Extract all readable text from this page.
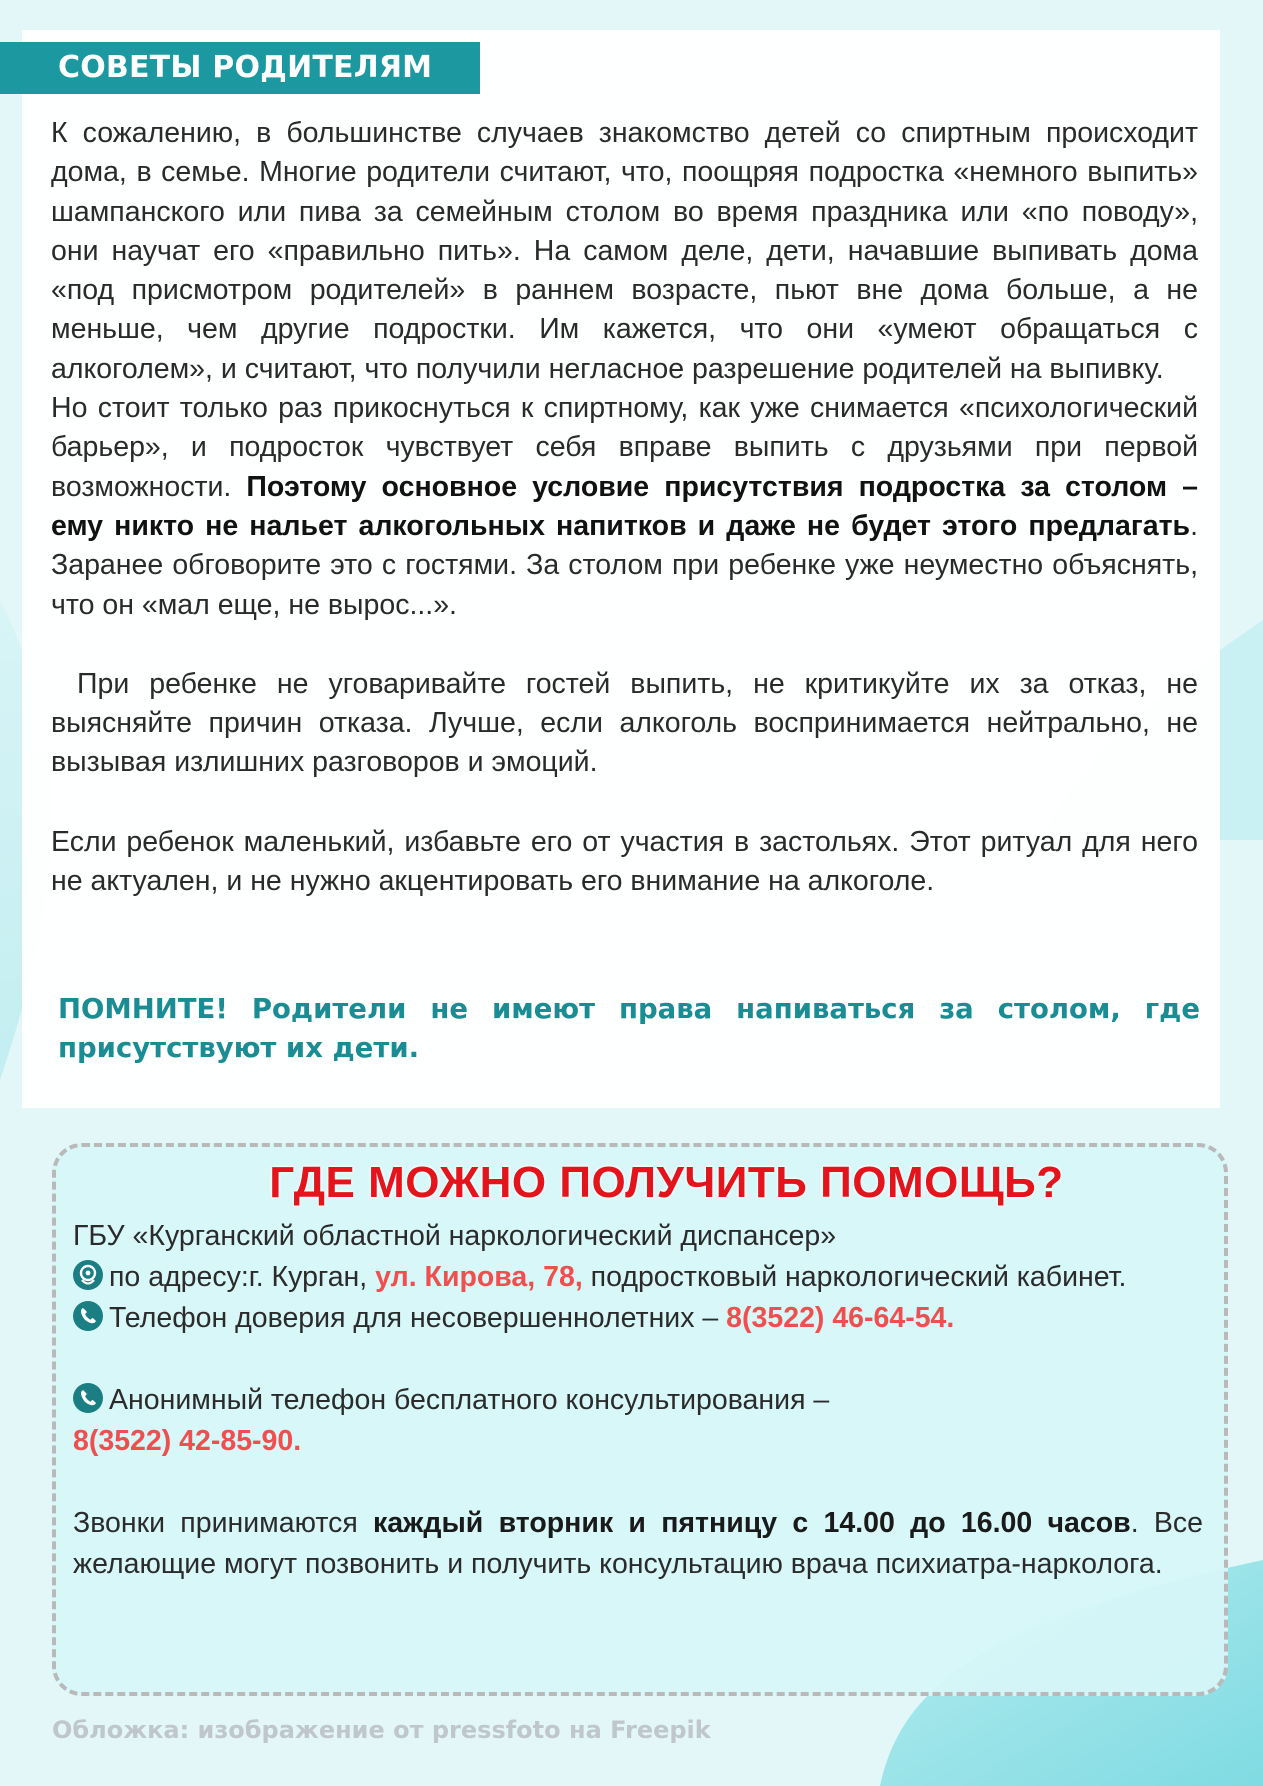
СОВЕТЫ РОДИТЕЛЯМ

К сожалению, в большинстве случаев знакомство детей со спиртным происходит дома, в семье. Многие родители считают, что, поощряя подростка «немного выпить» шампанского или пива за семейным столом во время праздника или «по поводу», они научат его «правильно пить». На самом деле, дети, начавшие выпивать дома «под присмотром родителей» в раннем возрасте, пьют вне дома больше, а не меньше, чем другие подростки. Им кажется, что они «умеют обращаться с алкоголем», и считают, что получили негласное разрешение родителей на выпивку.

Но стоит только раз прикоснуться к спиртному, как уже снимается «психологический барьер», и подросток чувствует себя вправе выпить с друзьями при первой возможности. Поэтому основное условие присутствия подростка за столом – ему никто не нальет алкогольных напитков и даже не будет этого предлагать. Заранее обговорите это с гостями. За столом при ребенке уже неуместно объяснять, что он «мал еще, не вырос...».

При ребенке не уговаривайте гостей выпить, не критикуйте их за отказ, не выясняйте причин отказа. Лучше, если алкоголь воспринимается нейтрально, не вызывая излишних разговоров и эмоций.

Если ребенок маленький, избавьте его от участия в застольях. Этот ритуал для него не актуален, и не нужно акцентировать его внимание на алкоголе.

ПОМНИТЕ! Родители не имеют права напиваться за столом, где присутствуют их дети.
ГДЕ МОЖНО ПОЛУЧИТЬ ПОМОЩЬ?

ГБУ «Курганский областной наркологический диспансер»

по адресу:г. Курган, ул. Кирова, 78, подростковый наркологический кабинет.

Телефон доверия для несовершеннолетних – 8(3522) 46-64-54.

Анонимный телефон бесплатного консультирования –

8(3522) 42-85-90.

Звонки принимаются каждый вторник и пятницу с 14.00 до 16.00 часов. Все желающие могут позвонить и получить консультацию врача психиатра-нарколога.

Обложка: изображение от pressfoto на Freepik
